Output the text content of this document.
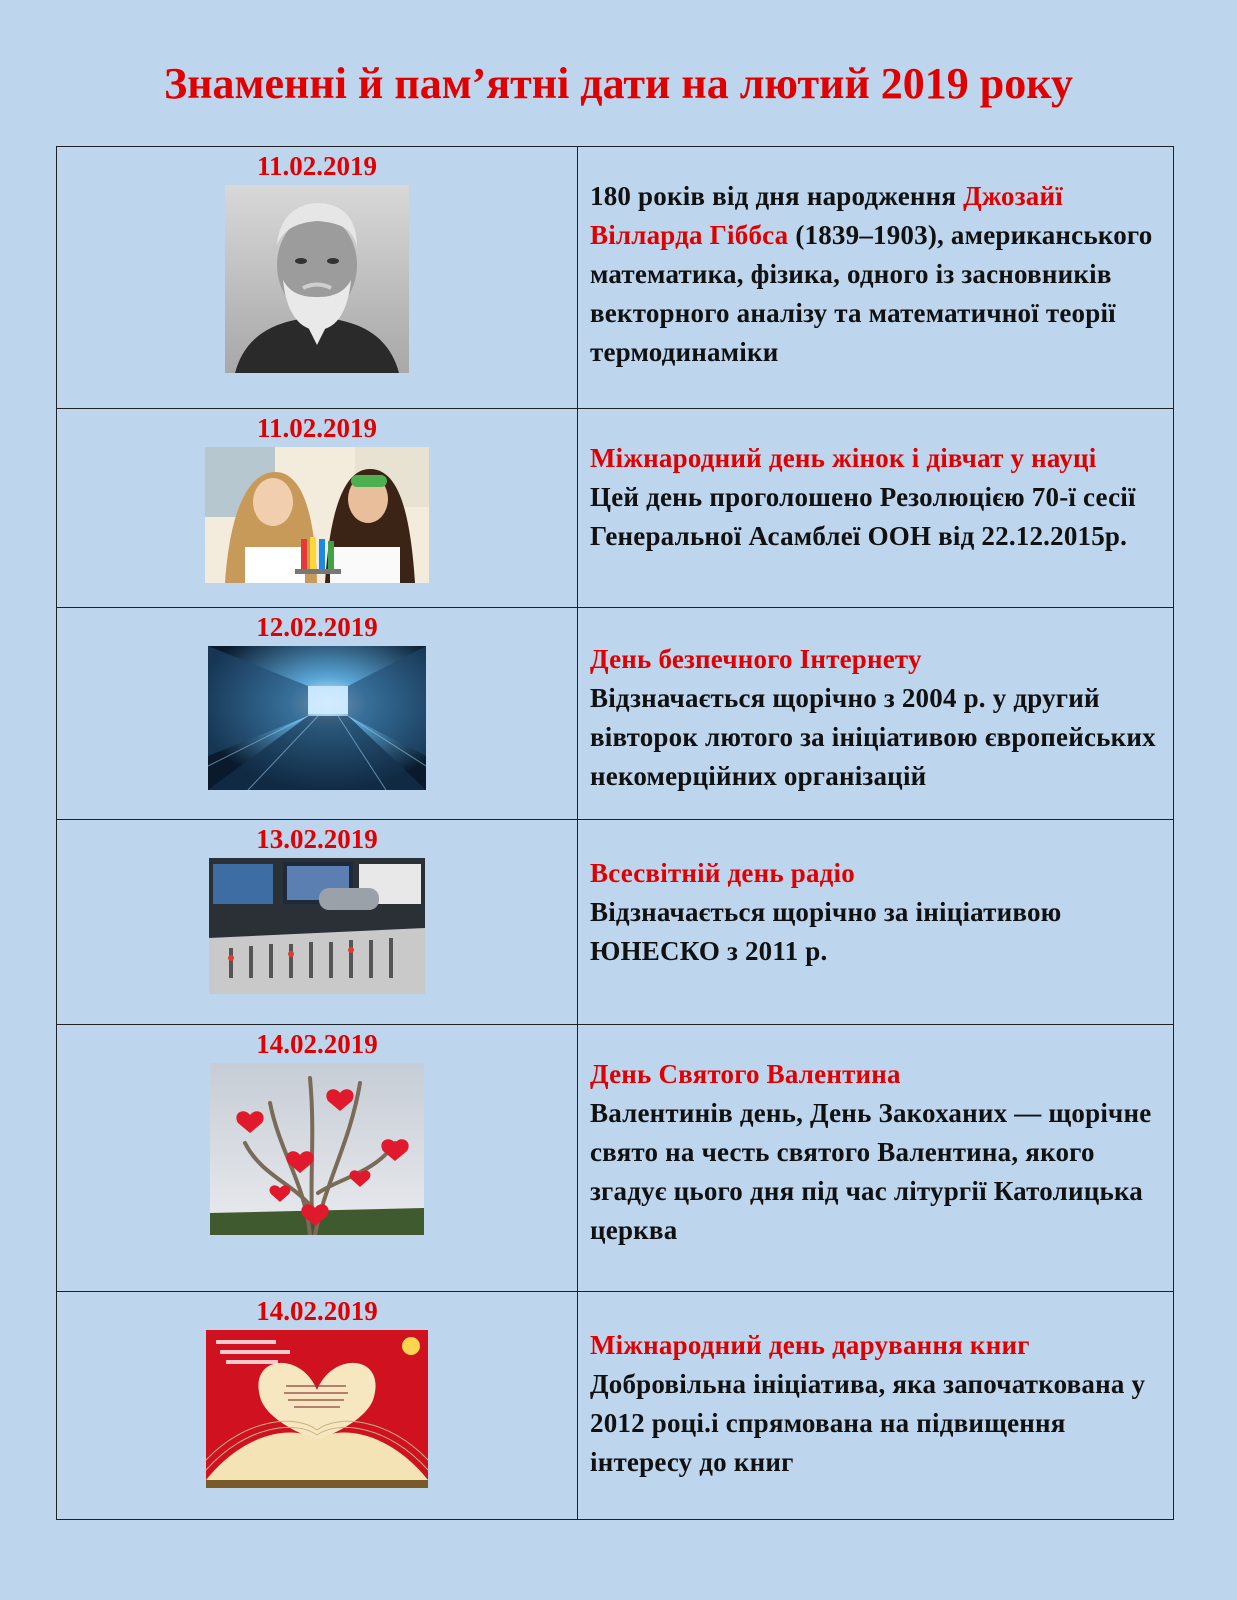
Знаменні й пам’ятні дати на лютий 2019 року
11.02.2019	180 років від дня народження Джозайї Вілларда Гіббса (1839–1903), американського математика, фізика, одного із засновників векторного аналізу та математичної теорії термодинаміки

11.02.2019	Міжнародний день жінок і дівчат у науці
Цей день проголошено Резолюцією 70-ї сесії Генеральної Асамблеї ООН від 22.12.2015р.

12.02.2019	День безпечного Інтернету
Відзначається щорічно з 2004 р. у другий вівторок лютого за ініціативою європейських некомерційних організацій

13.02.2019	Всесвітній день радіо
Відзначається щорічно за ініціативою ЮНЕСКО з 2011 р.

14.02.2019	День Святого Валентина
Валентинів день, День Закоханих — щорічне свято на честь святого Валентина, якого згадує цього дня під час літургії Католицька церква

14.02.2019	Міжнародний день дарування книг
Добровільна ініціатива, яка започаткована у 2012 році.і спрямована на підвищення інтересу до книг
